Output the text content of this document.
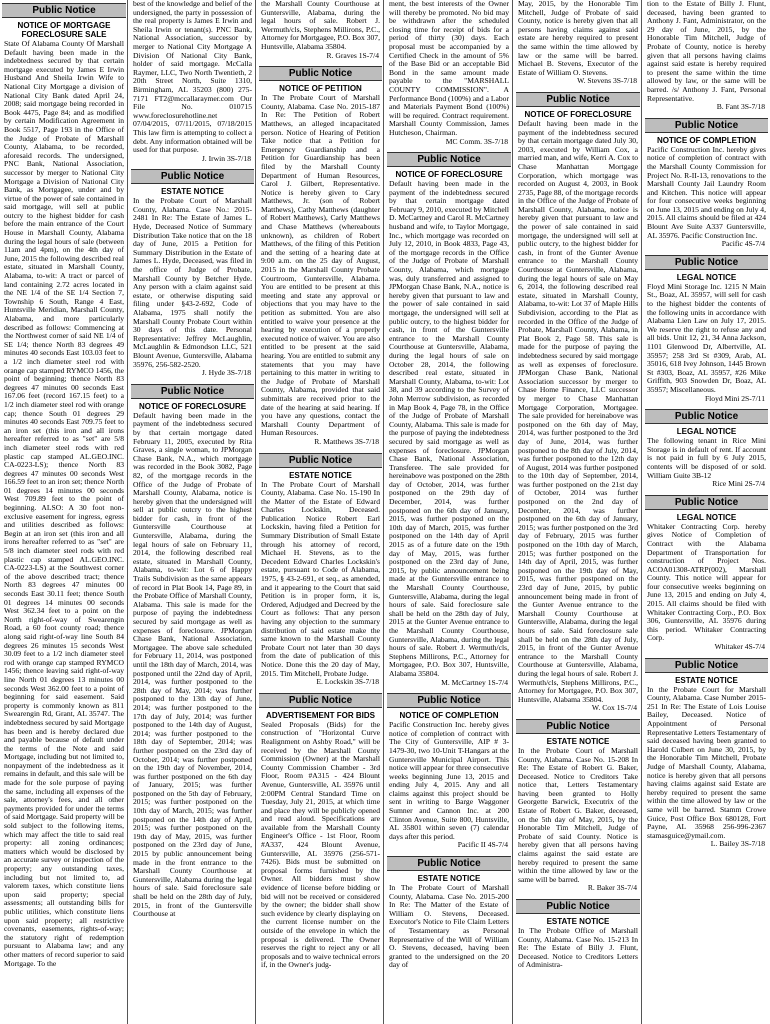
Public Notice
NOTICE OF MORTGAGE FORECLOSURE SALE
State Of Alabama County Of Marshall Default having been made in the indebtedness secured by that certain mortgage executed by James E Irwin Husband And Sheila Irwin Wife to National City Mortgage a division of National City Bank dated April 24, 2008; said mortgage being recorded in Book 4475, Page 84; and as modified by certain Modification Agreement in Book 5517, Page 193 in the Office of the Judge of Probate of Marshall County, Alabama, to be recorded, aforesaid records. The undersigned, PNC Bank, National Association, successor by merger to National City Mortgage a Division of National City Bank, as Mortgagee, under and by virtue of the power of sale contained in said mortgage, will sell at public outcry to the highest bidder for cash before the main entrance of the Court House in Marshall County, Alabama during the legal hours of sale (between 11am and 4pm), on the 4th day of June, 2015 the following described real estate, situated in Marshall County, Alabama, to-wit: A tract or parcel of land containing 2.72 acres located in the NE 1/4 of the SE 1/4 Section 7, Township 6 South, Range 4 East, Huntsville Meridian, Marshall County, Alabama, and more particularly described as follows: Commencing at the Northwest corner of said NE 1/4 of SE 1/4; thence North 83 degrees 49 minutes 40 seconds East 103.03 feet to a 1/2 inch diameter steel rod with orange cap stamped RYMCO 1456, the point of beginning; thence North 83 degrees 47 minutes 00 seconds East 167.06 feet (record 167.15 feet) to a 1/2 inch diameter steel rod with orange cap; thence South 01 degrees 29 minutes 40 seconds East 709.75 feet to an iron set (this iron and all irons hereafter referred to as "set" are 5/8 inch diameter steel rods with red plastic cap stamped AL.GEO.INC. CA-0223-LS); thence North 83 degrees 47 minutes 00 seconds West 166.59 feet to an iron set; thence North 01 degrees 14 minutes 00 seconds West 709.89 feet to the point of beginning. ALSO: A 30 foot non-exclusive easement for ingress, egress and utilities described as follows: Begin at an iron set (this iron and all irons hereafter referred to as "set" are 5/8 inch diameter steel rods with red plastic cap stamped AL.GEO.INC. CA-0223-LS) at the Southwest corner of the above described tract; thence North 83 degrees 47 minutes 00 seconds East 30.11 feet; thence South 01 degrees 14 minutes 00 seconds West 362.34 feet to a point on the North right-of-way of Swearengin Road, a 60 foot county road; thence along said right-of-way line South 84 degrees 26 minutes 15 seconds West 30.09 feet to a 1/2 inch diameter steel rod with orange cap stamped RYMCO 1456; thence leaving said right-of-way line North 01 degrees 13 minutes 00 seconds West 362.00 feet to a point of beginning for said easement. Said property is commonly known as 811 Swearengin Rd, Grant, AL 35747. The indebtedness secured by said Mortgage has been and is hereby declared due and payable because of default under the terms of the Note and said Mortgage, including but not limited to, nonpayment of the indebtedness as it remains in default, and this sale will be made for the sole purpose of paying the same, including all expenses of the sale, attorney's fees, and all other payments provided for under the terms of said Mortgage. Said property will be sold subject to the following items, which may affect the title to said real property: all zoning ordinances; matters which would be disclosed by an accurate survey or inspection of the property; any outstanding taxes, including but not limited to, ad valorem taxes, which constitute liens upon said property; special assessments; all outstanding bills for public utilities, which constitute liens upon said property; all restrictive covenants, easements, rights-of-way; the statutory right of redemption pursuant to Alabama law; and any other matters of record superior to said Mortgage. To the
best of the knowledge and belief of the undersigned, the party in possession of the real property is James E Irwin and Sheila Irwin or tenant(s). PNC Bank, National Association, successor by merger to National City Mortgage A Division Of National City Bank, holder of said mortgage. McCalla Raymer, LLC, Two North Twentieth, 2 20th Street North, Suite 1310, Birmingham, AL 35203 (800) 275-7171 FT2@mccallaraymer.com Our File No. 010715 www.foreclosurehotline.net 07/04/2015, 07/11/2015, 07/18/2015 This law firm is attempting to collect a debt. Any information obtained will be used for that purpose.
J. Irwin 3S-7/18
Public Notice
ESTATE NOTICE
In the Probate Court of Marshall County, Alabama. Case No.: 2015-2481 In Re: The Estate of James L. Hyde, Deceased Notice of Summary Distribution Take notice that on the 18 day of June, 2015 a Petition for Summary Distribution in the Estate of James L. Hyde, Deceased, was filed in the office of Judge of Probate, Marshall County by Betcher Hyde. Any person with a claim against said estate, or otherwise disputing said filing under §43-2-692, Code of Alabama, 1975 shall notify the Marshall County Probate Court within 30 days of this date. Personal Representative: Jeffrey McLaughlin, McLaughlin & Edmondson LLC, 521 Blount Avenue, Guntersville, Alabama 35976, 256-582-2520.
J. Hyde 3S-7/18
Public Notice
NOTICE OF FORECLOSURE
Default having been made in the payment of the indebtedness secured by that certain mortgage dated February 11, 2005, executed by Rita Graves, a single woman, to JPMorgan Chase Bank, N.A., which mortgage was recorded in the Book 3082, Page 82, of the mortgage records in the Office of the Judge of Probate of Marshall County, Alabama, notice is hereby given that the undersigned will sell at public outcry to the highest bidder for cash, in front of the Guntersville Courthouse at Guntersville, Alabama, during the legal hours of sale on February 11, 2014, the following described real estate, situated in Marshall County, Alabama, to-wit: Lot 6 of Happy Trails Subdivision as the same appears of record in Plat Book 14, Page 89, in the Probate Office of Marshall County, Alabama. This sale is made for the purpose of paying the indebtedness secured by said mortgage as well as expenses of foreclosure. JPMorgan Chase Bank, National Association, Mortgagee. The above sale scheduled for February 11, 2014, was postponed until the 18th day of March, 2014, was postponed until the 22nd day of April, 2014, was further postponed to the 28th day of May, 2014; was further postponed to the 13th day of June, 2014; was further postponed to the 17th day of July, 2014; was further postponed to the 14th day of August, 2014; was further postponed to the 18th day of September, 2014; was further postponed on the 23rd day of October, 2014; was further postponed on the 19th day of November, 2014, was further postponed on the 6th day of January, 2015; was further postponed on the 5th day of February, 2015; was further postponed on the 10th day of March, 2015; was further postponed on the 14th day of April, 2015; was further postponed on the 19th day of May, 2015, was further postponed on the 23rd day of June, 2015 by public announcement being made in the front entrance to the Marshall County Courthouse at Guntersville, Alabama during the legal hours of sale. Said foreclosure sale shall be held on the 28th day of July, 2015, in front of the Guntersville Courthouse at
the Marshall County Courthouse at Guntersville, Alabama, during the legal hours of sale. Robert J. Wermuth/cls, Stephens Millirons, P.C., Attorney for Mortgagee, P.O. Box 307, Huntsville, Alabama 35804.
R. Graves 1S-7/4
Public Notice
NOTICE OF PETITION
In The Probate Court of Marshall County, Alabama. Case No. 2015-187 In Re: The Petition of Robert Matthews, an alleged incapacitated person. Notice of Hearing of Petition Take notice that a Petition for Emergency Guardianship and a Petition for Guardianship has been filed by the Marshall County Department of Human Resources, Carol J. Gilbert, Representative. Notice is hereby given to Cary Matthews, Jr. (son of Robert Matthews), Cathy Matthews (daughter of Robert Matthews), Carly Matthews and Chase Matthews (whereabouts unknown), as children of Robert Matthews, of the filing of this Petition and the setting of a hearing date at 9:00 a.m. on the 25 day of August, 2015 in the Marshall County Probate Courtroom, Guntersville, Alabama. You are entitled to be present at this meeting and state any approval or objections that you may have to the petition as submitted. You are also entitled to waive your presence at the hearing by execution of a properly executed notice of waiver. You are also entitled to be present at the said hearing. You are entitled to submit any statements that you may have pertaining to this matter in writing to the Judge of Probate of Marshall County, Alabama, provided that said submittals are received prior to the date of the hearing at said hearing. If you have any questions, contact the Marshall County Department of Human Resources.
R. Matthews 3S-7/18
Public Notice
ESTATE NOTICE
In The Probate Court of Marshall County, Alabama. Case No. 15-190 In the Matter of the Estate of Edward Charles Lockskin, Deceased. Publication Notice Robert Earl Lockskin, having filed a Petition for Summary Distribution of Small Estate through his attorney of record, Michael H. Stevens, as to the Decedent Edward Charles Lockskin's estate, pursuant to Code of Alabama, 1975, § 43-2-691, et seq., as amended, and it appearing to the Court that said Petition is in proper form, it is, Ordered, Adjudged and Decreed by the Court as follows: That any person having any objection to the summary distribution of said estate make the same known to the Marshall County Probate Court not later than 30 days from the date of publication of this Notice. Done this the 20 day of May, 2015. Tim Mitchell, Probate Judge.
E. Lockskin 3S-7/18
Public Notice
ADVERTISEMENT FOR BIDS
Sealed Proposals (Bids) for the construction of "Horizontal Curve Realignment on Ashby Road," will be received by the Marshall County Commission (Owner) at the Marshall County Commission Chamber - 3rd Floor, Room #A315 - 424 Blount Avenue, Guntersville, AL 35976 until 2:00PM Central Standard Time on Tuesday, July 21, 2015, at which time and place they will be publicly opened and read aloud. Specifications are available from the Marshall County Engineer's Office - 1st Floor, Room #A337, 424 Blount Avenue, Guntersville, AL 35976 (256-571-7426). Bids must be submitted on proposal forms furnished by the Owner. All bidders must show evidence of license before bidding or bid will not be received or considered by the owner; the bidder shall show such evidence by clearly displaying on the current license number on the outside of the envelope in which the proposal is delivered. The Owner reserves the right to reject any or all proposals and to waive technical errors if, in the Owner's judg-
ment, the best interests of the Owner will thereby be promoted. No bid may be withdrawn after the scheduled closing time for receipt of bids for a period of thirty (30) days. Each proposal must be accompanied by a Certified Check in the amount of 5% of the Base Bid or an acceptable Bid Bond in the same amount made payable to the "MARSHALL COUNTY COMMISSION". A Performance Bond (100%) and a Labor and Materials Payment Bond (100%) will be required. Contract requirement. Marshall County Commission, James Hutcheson, Chairman.
MC Comm. 3S-7/18
Public Notice
NOTICE OF FORECLOSURE
Default having been made in the payment of the indebtedness secured by that certain mortgage dated February 9, 2010, executed by Mitchell D. McCartney and Carol R. McCartney husband and wife, to Taylor Mortgage, Inc., which mortgage was recorded on July 12, 2010, in Book 4833, Page 43, of the mortgage records in the Office of the Judge of Probate of Marshall County, Alabama, which mortgage was, duly transferred and assigned to JPMorgan Chase Bank, N.A., notice is hereby given that pursuant to law and the power of sale contained in said mortgage, the undersigned will sell at public outcry, to the highest bidder for cash, in front of the Guntersville entrance to the Marshall County Courthouse at Guntersville, Alabama, during the legal hours of sale on October 28, 2014, the following described real estate, situated in Marshall County, Alabama, to-wit: Lot 38, and 39 according to the Survey of John Merrow subdivision, as recorded in Map Book 4, Page 78, in the Office of the Judge of Probate of Marshall County, Alabama. This sale is made for the purpose of paying the indebtedness secured by said mortgage as well as expenses of foreclosure. JPMorgan Chase Bank, National Association, Transferee. The sale provided for hereinabove was postponed on the 28th day of October, 2014, was further postponed on the 29th day of December, 2014, was further postponed on the 6th day of January, 2015, was further postponed on the 10th day of March, 2015, was further postponed on the 14th day of April 2015 as of a future date on the 19th day of May, 2015, was further postponed on the 23rd day of June, 2015, by public announcement being made at the Guntersville entrance to the Marshall County Courthouse, Guntersville, Alabama, during the legal hours of sale. Said foreclosure sale shall be held on the 28th day of July, 2015 at the Gunter Avenue entrance to the Marshall County Courthouse, Guntersville, Alabama, during the legal hours of sale. Robert J. Wermuth/cls, Stephens Millirons, P.C., Attorney for Mortgagee, P.O. Box 307, Huntsville, Alabama 35804.
M. McCartney 1S-7/4
Public Notice
NOTICE OF COMPLETION
Pacific Construction Inc. hereby gives notice of completion of contract with The City of Guntersville, AIP # 3-1479-30, two 10-Unit T-Hangars at the Guntersville Municipal Airport. This notice will appear for three consecutive weeks beginning June 13, 2015 and ending July 4, 2015. Any and all claims against this project should be sent in writing to Barge Waggoner Sumner and Cannon Inc. at 200 Clinton Avenue, Suite 800, Huntsville, AL 35801 within seven (7) calendar days after this period.
Pacific II 4S-7/4
Public Notice
ESTATE NOTICE
In The Probate Court of Marshall County, Alabama. Case No. 2015-200 In Re: The Matter of the Estate of William O. Stevens, Deceased. Executor's Notice to File Claim Letters of Testamentary as Personal Representative of the Will of William O. Stevens, deceased, having been granted to the undersigned on the 20 day of
May, 2015, by the Honorable Tim Mitchell, Judge of Probate of said County, notice is hereby given that all persons having claims against said estate are hereby required to present the same within the time allowed by law or the same will be barred. Michael B. Stevens, Executor of the Estate of William O. Stevens.
W. Stevens 3S-7/18
Public Notice
NOTICE OF FORECLOSURE
Default having been made in the payment of the indebtedness secured by that certain mortgage dated July 30, 2003, executed by William Cox, a married man, and wife, Kerri A. Cox to Chase Manhattan Mortgage Corporation, which mortgage was recorded on August 4, 2003, in Book 2735, Page 88, of the mortgage records in the Office of the Judge of Probate of Marshall County, Alabama, notice is hereby given that pursuant to law and the power of sale contained in said mortgage, the undersigned will sell at public outcry, to the highest bidder for cash, in front of the Gunter Avenue entrance to the Marshall County Courthouse at Guntersville, Alabama, during the legal hours of sale on May 6, 2014, the following described real estate, situated in Marshall County, Alabama, to-wit: Lot 37 of Maple Hills Subdivision, according to the Plat as recorded in the Office of the Judge of Probate, Marshall County, Alabama, in Plat Book 2, Page 58. This sale is made for the purpose of paying the indebtedness secured by said mortgage as well as expenses of foreclosure. JPMorgan Chase Bank, National Association successor by merger to Chase Home Finance, LLC successor by merger to Chase Manhattan Mortgage Corporation, Mortgagee. The sale provided for hereinabove was postponed on the 6th day of May, 2014, was further postponed to the 3rd day of June, 2014, was further postponed to the 8th day of July, 2014, was further postponed to the 12th day of August, 2014 was further postponed to the 10th day of September, 2014, was further postponed on the 21st day of October, 2014 was further postponed on the 2nd day of December, 2014, was further postponed on the 6th day of January, 2015; was further postponed on the 3rd day of February, 2015 was further postponed on the 10th day of March, 2015; was further postponed on the 14th day of April, 2015, was further postponed on the 19th day of May, 2015, was further postponed on the 23rd day of June, 2015, by public announcement being made in front of the Gunter Avenue entrance to the Marshall County Courthouse at Guntersville, Alabama, during the legal hours of sale. Said foreclosure sale shall be held on the 28th day of July, 2015, in front of the Gunter Avenue entrance to the Marshall County Courthouse at Guntersville, Alabama, during the legal hours of sale. Robert J. Wermuth/cls, Stephens Millirons, P.C., Attorney for Mortgagee, P.O. Box 307, Huntsville, Alabama 35804.
W. Cox 1S-7/4
Public Notice
ESTATE NOTICE
In the Probate Court of Marshall County, Alabama. Case No. 15-208 In Re: The Estate of Robert G. Baker, Deceased. Notice to Creditors Take notice that, Letters Testamentary having been granted to Holly Georgette Barwick, Executrix of the Estate of Robert G. Baker, deceased, on the 5th day of May, 2015, by the Honorable Tim Mitchell, Judge of Probate of said County. Notice is hereby given that all persons having claims against the said estate are hereby required to present the same within the time allowed by law or the same will be barred.
R. Baker 3S-7/4
Public Notice
ESTATE NOTICE
In The Probate Office of Marshall County, Alabama. Case No. 15-213 In Re: The Estate of Billy J. Flunt, Deceased. Notice to Creditors Letters of Administra-
tion to the Estate of Billy J. Flunt, deceased, having been granted to Anthony J. Fant, Administrator, on the 29 day of June, 2015, by the Honorable Tim Mitchell, Judge of Probate of County, notice is hereby given that all persons having claims against said estate is hereby required to present the same within the time allowed by law, or the same will be barred. /s/ Anthony J. Fant, Personal Representative.
B. Fant 3S-7/18
Public Notice
NOTICE OF COMPLETION
Pacific Construction Inc. hereby gives notice of completion of contract with the Marshall County Commission for Project No. R-II-13, renovations to the Marshall County Jail Laundry Room and Kitchen. This notice will appear for four consecutive weeks beginning on June 13, 2015 and ending on July 4, 2015. All claims should be filed at 424 Blount Ave Suite A337 Guntersville, AL 35976. Pacific Construction Inc.
Pacific 4S-7/4
Public Notice
LEGAL NOTICE
Floyd Mini Storage Inc. 1215 N Main St., Boaz, AL 35957, will sell for cash to the highest bidder the contents of the following units in accordance with Alabama Lien Law on July 17, 2015. We reserve the right to refuse any and all bids. Unit 12, 21, 34 Anna Jackson, 1101 Glenwood Dr, Albertville, AL 35957; 258 3rd St #309, Arab, AL 35016, 618 Ivey Johnson, 1445 Brown St #303, Boaz, AL 35957, #26 Mike Griffith, 903 Snowden Dr, Boaz, AL 35957; Miscellaneous.
Floyd Mini 2S-7/11
Public Notice
LEGAL NOTICE
The following tenant in Rice Mini Storage is in default of rent. If account is not paid in full by 6 July 2015, contents will be disposed of or sold. William Guite 3B-12
Rice Mini 2S-7/4
Public Notice
LEGAL NOTICE
Whitaker Contracting Corp. hereby gives Notice of Completion of Contract with the Alabama Department of Transportation for construction of Project Nos. ACOA01308-ATRP(002), Marshall County. This notice will appear for four consecutive weeks beginning on June 13, 2015 and ending on July 4, 2015. All claims should be filed with Whitaker Contracting Corp., P.O. Box 306, Guntersville, AL 35976 during this period. Whitaker Contracting Corp.
Whitaker 4S-7/4
Public Notice
ESTATE NOTICE
In the Probate Court for Marshall County, Alabama. Case Number 2015-251 In Re: The Estate of Lois Louise Bailey, Deceased. Notice of Appointment of Personal Representative Letters Testamentary of said deceased having been granted to Harold Culbert on June 30, 2015, by the Honorable Tim Mitchell, Probate Judge of Marshall County, Alabama, notice is hereby given that all persons having claims against said Estate are hereby required to present the same within the time allowed by law or the same will be barred. Stamm Crowe Guice, Post Office Box 680128, Fort Payne, AL 35968 256-996-2367 stamasguice@ymail.com.
L. Bailey 3S-7/18
